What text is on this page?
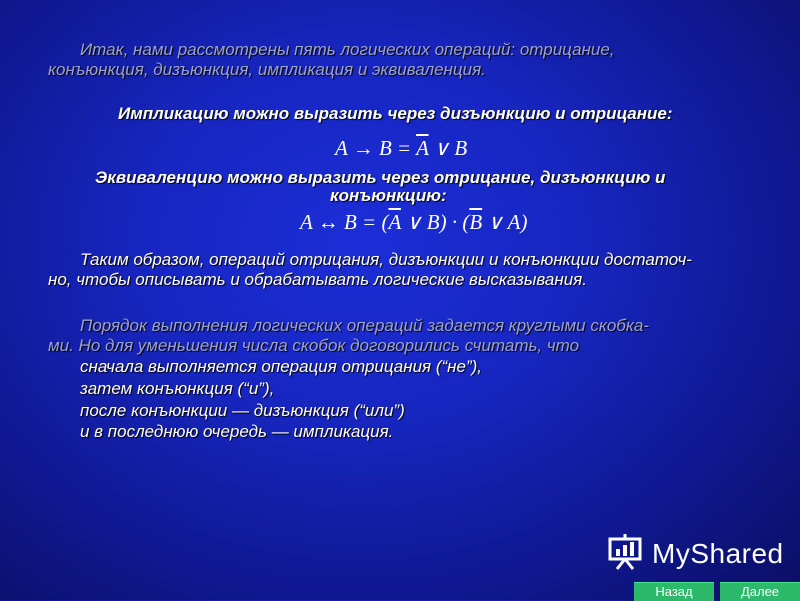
Итак, нами рассмотрены пять логических операций: отрицание,
конъюнкция, дизъюнкция, импликация и эквиваленция.
Импликацию можно выразить через дизъюнкцию и отрицание:
$A \to B = \overline{A}$ ∨ B
Эквиваленцию можно выразить через отрицание, дизъюнкцию и
конъюнкцию:
A ↔ $B = (\overline{A}$ ∨ $B) \cdot (\overline{B}$ ∨ A)
Таким образом, операций отрицания, дизъюнкции и конъюнкции достаточ-
но, чтобы описывать и обрабатывать логические высказывания.
Порядок выполнения логических операций задается круглыми скобка-
ми. Но для уменьшения числа скобок договорились считать, что
сначала выполняется операция отрицания (“не”),
затем конъюнкция (“и”),
после конъюнкции — дизъюнкция (“или”)
и в последнюю очередь — импликация.
MyShared
Назад	Далее
